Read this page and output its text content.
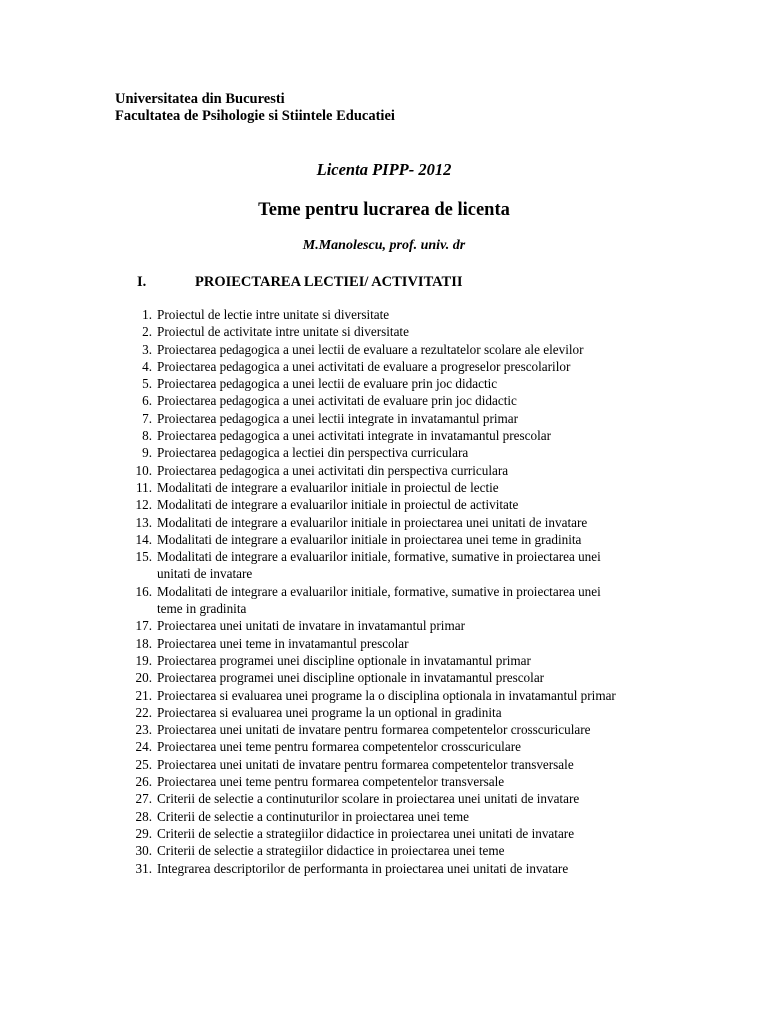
Universitatea din Bucuresti
Facultatea de Psihologie si Stiintele Educatiei
Licenta PIPP- 2012
Teme pentru lucrarea de licenta
M.Manolescu, prof. univ. dr
I.	PROIECTAREA LECTIEI/ ACTIVITATII
1. Proiectul de lectie intre unitate si diversitate
2. Proiectul de activitate intre unitate si diversitate
3. Proiectarea pedagogica a unei lectii de evaluare a rezultatelor scolare ale elevilor
4. Proiectarea pedagogica a unei activitati de evaluare a progreselor prescolarilor
5. Proiectarea pedagogica a unei lectii de evaluare prin joc didactic
6. Proiectarea pedagogica a unei activitati de evaluare prin joc didactic
7. Proiectarea pedagogica a unei lectii integrate in invatamantul primar
8. Proiectarea pedagogica a unei activitati integrate in invatamantul prescolar
9. Proiectarea pedagogica a lectiei din perspectiva curriculara
10. Proiectarea pedagogica a unei activitati din perspectiva curriculara
11. Modalitati de integrare a evaluarilor initiale in proiectul de lectie
12. Modalitati de integrare a evaluarilor initiale in proiectul de activitate
13. Modalitati de integrare a evaluarilor initiale in proiectarea unei unitati de invatare
14. Modalitati de integrare a evaluarilor initiale in proiectarea unei teme in gradinita
15. Modalitati de integrare a evaluarilor initiale, formative, sumative in proiectarea unei unitati de invatare
16. Modalitati de integrare a evaluarilor initiale, formative, sumative in proiectarea unei teme in gradinita
17. Proiectarea unei unitati de invatare in invatamantul primar
18. Proiectarea unei teme in invatamantul prescolar
19. Proiectarea programei unei discipline optionale in invatamantul primar
20. Proiectarea programei unei discipline optionale in invatamantul prescolar
21. Proiectarea si evaluarea unei programe la o disciplina optionala in invatamantul primar
22. Proiectarea si evaluarea unei programe la un optional in gradinita
23. Proiectarea unei unitati de invatare pentru formarea competentelor crosscuriculare
24. Proiectarea unei teme pentru formarea competentelor crosscuriculare
25. Proiectarea unei unitati de invatare pentru formarea competentelor transversale
26. Proiectarea unei teme pentru formarea competentelor transversale
27. Criterii de selectie a continuturilor scolare in proiectarea unei unitati de invatare
28. Criterii de selectie a continuturilor in proiectarea unei teme
29. Criterii de selectie a strategiilor didactice in proiectarea unei unitati de invatare
30. Criterii de selectie a strategiilor didactice in proiectarea unei teme
31. Integrarea descriptorilor de performanta in proiectarea unei unitati de invatare
